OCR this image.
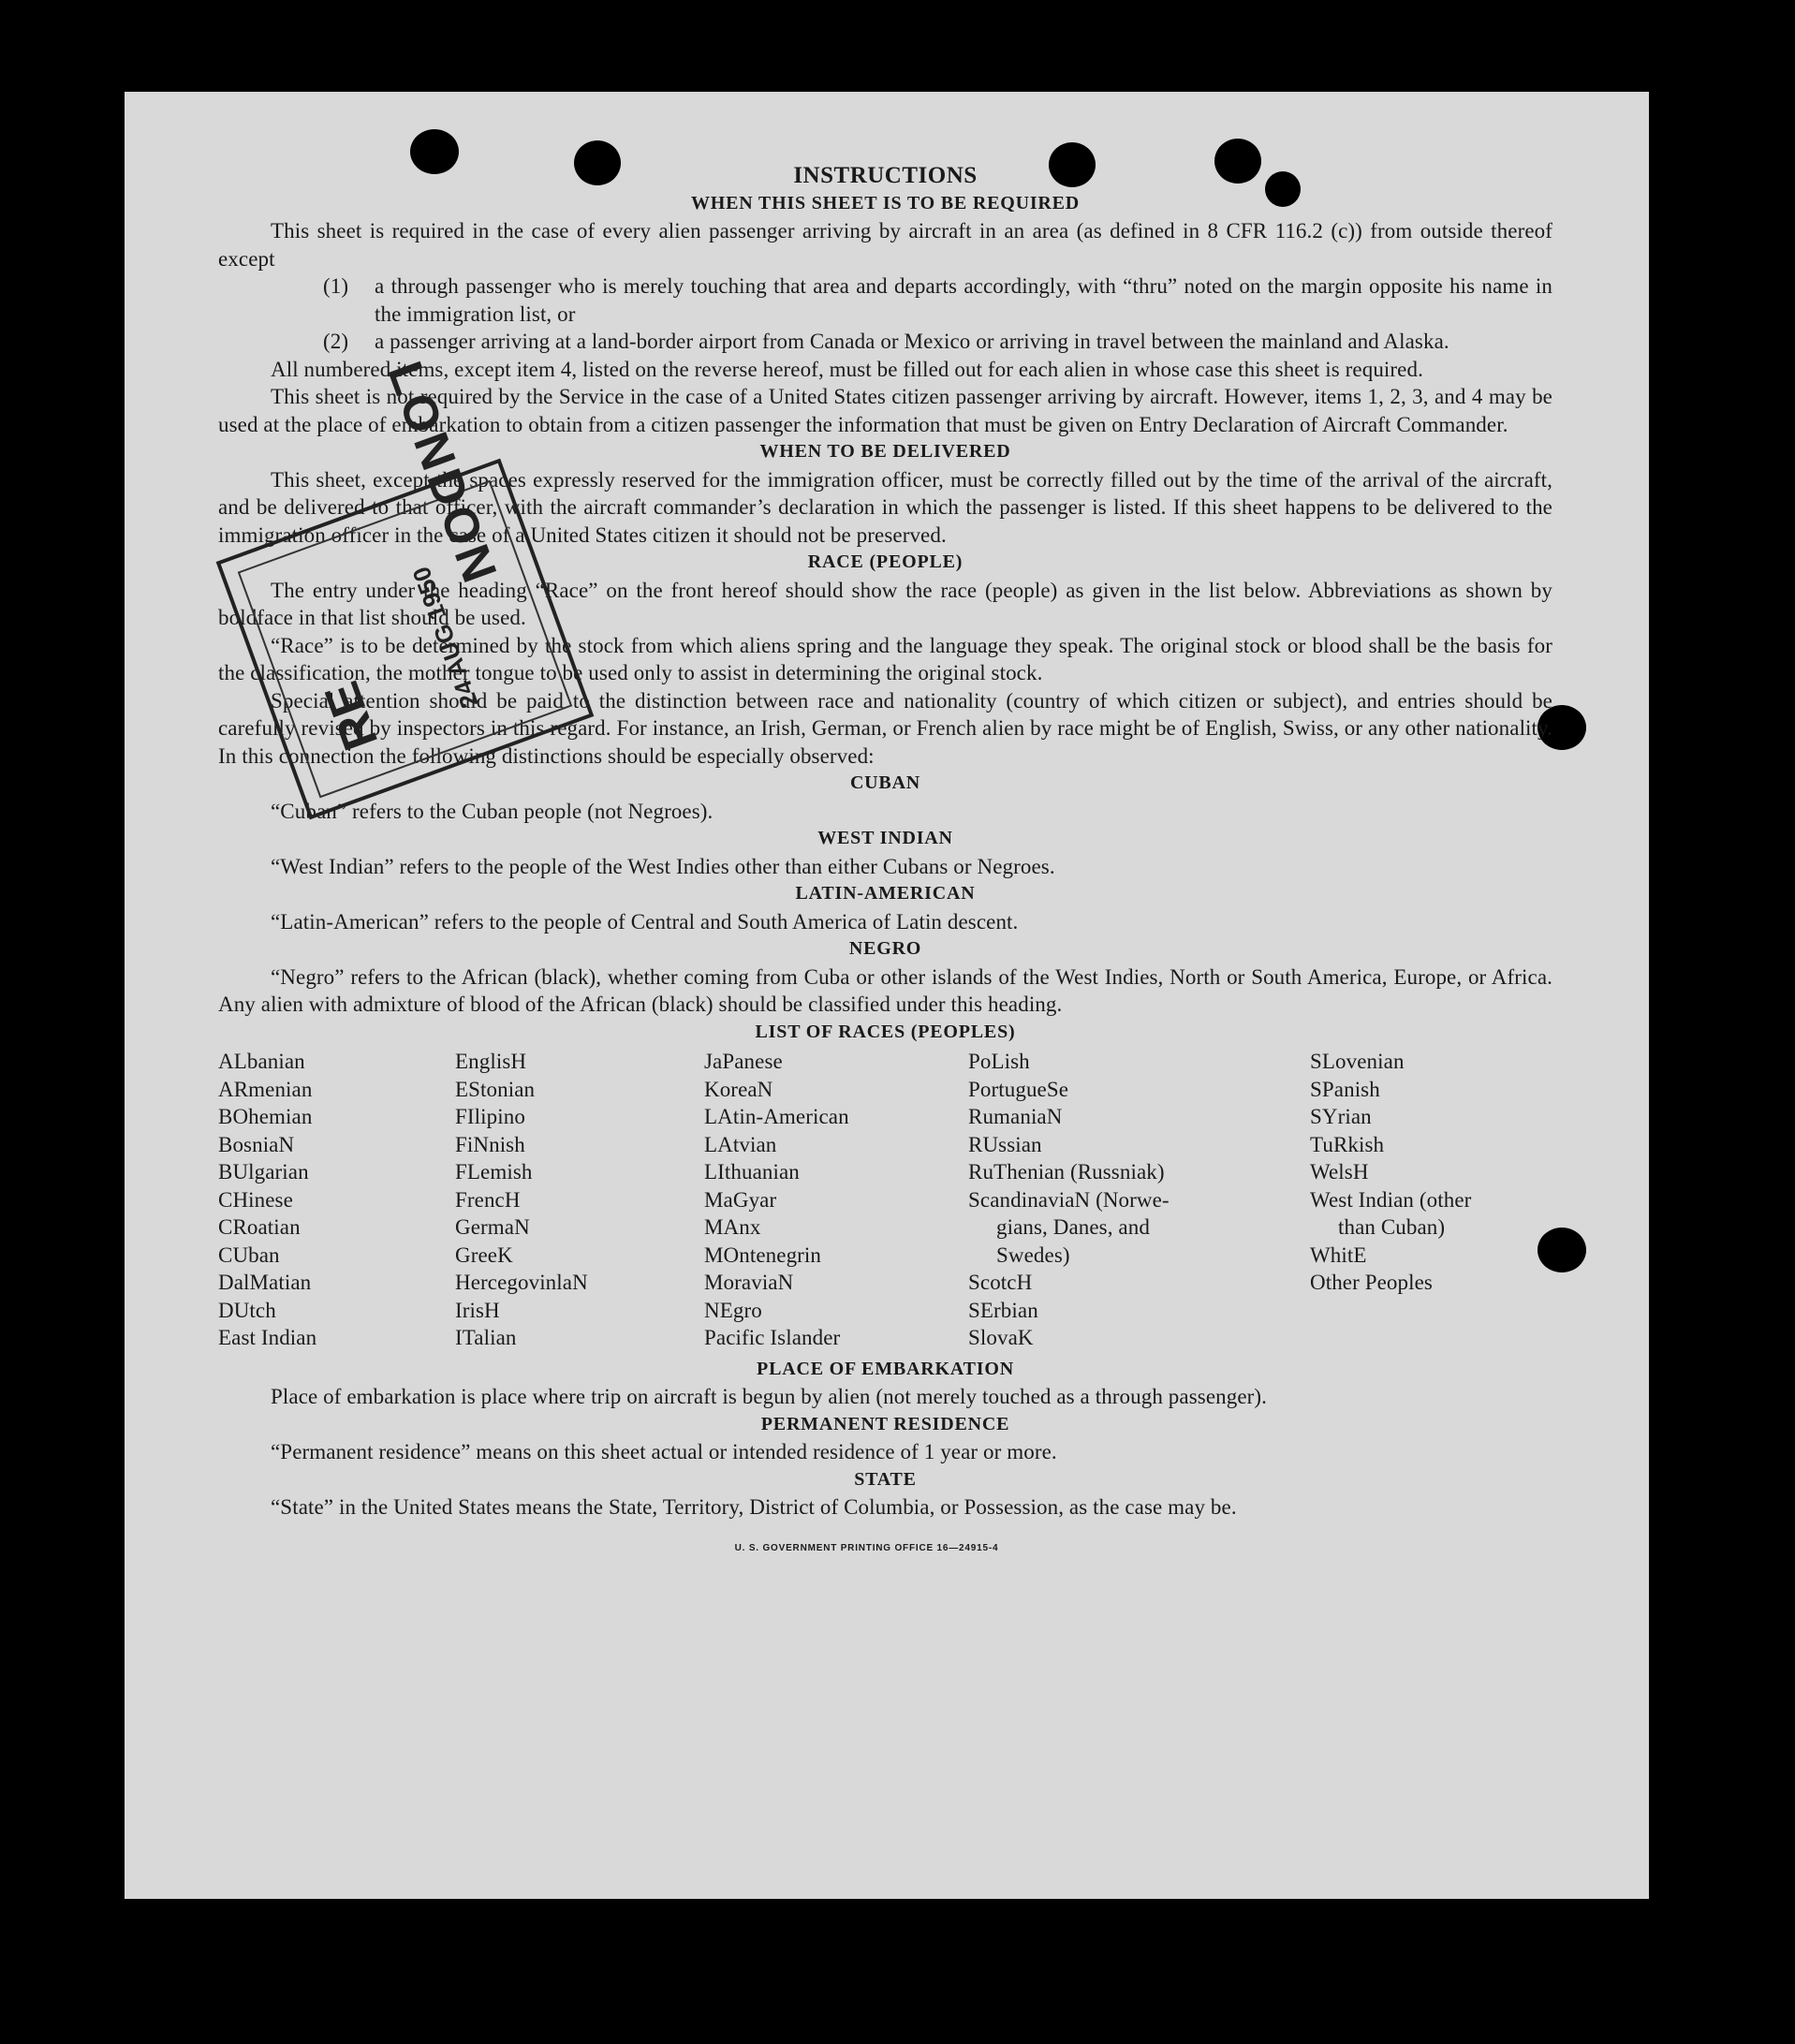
INSTRUCTIONS
WHEN THIS SHEET IS TO BE REQUIRED

This sheet is required in the case of every alien passenger arriving by aircraft in an area (as defined in 8 CFR 116.2 (c)) from outside thereof except

(1)	a through passenger who is merely touching that area and departs accordingly, with “thru” noted on the margin opposite his name in the immigration list, or
(2)	a passenger arriving at a land-border airport from Canada or Mexico or arriving in travel between the mainland and Alaska.

All numbered items, except item 4, listed on the reverse hereof, must be filled out for each alien in whose case this sheet is required.

This sheet is not required by the Service in the case of a United States citizen passenger arriving by aircraft. However, items 1, 2, 3, and 4 may be used at the place of embarkation to obtain from a citizen passenger the information that must be given on Entry Declaration of Aircraft Commander.

WHEN TO BE DELIVERED

This sheet, except the spaces expressly reserved for the immigration officer, must be correctly filled out by the time of the arrival of the aircraft, and be delivered to that officer, with the aircraft commander’s declaration in which the passenger is listed. If this sheet happens to be delivered to the immigration officer in the case of a United States citizen it should not be preserved.

RACE (PEOPLE)

The entry under the heading “Race” on the front hereof should show the race (people) as given in the list below. Abbreviations as shown by boldface in that list should be used.

“Race” is to be determined by the stock from which aliens spring and the language they speak. The original stock or blood shall be the basis for the classification, the mother tongue to be used only to assist in determining the original stock.

Special attention should be paid to the distinction between race and nationality (country of which citizen or subject), and entries should be carefully revised by inspectors in this regard. For instance, an Irish, German, or French alien by race might be of English, Swiss, or any other nationality. In this connection the following distinctions should be especially observed:

CUBAN

“Cuban” refers to the Cuban people (not Negroes).

WEST INDIAN

“West Indian” refers to the people of the West Indies other than either Cubans or Negroes.

LATIN-AMERICAN

“Latin-American” refers to the people of Central and South America of Latin descent.

NEGRO

“Negro” refers to the African (black), whether coming from Cuba or other islands of the West Indies, North or South America, Europe, or Africa. Any alien with admixture of blood of the African (black) should be classified under this heading.

LIST OF RACES (PEOPLES)
ALbanian
ARmenian
BOhemian
BosniaN
BUlgarian
CHinese
CRoatian
CUban
DalMatian
DUtch
East Indian
EnglisH
EStonian
FIlipino
FiNnish
FLemish
FrencH
GermaN
GreeK
HercegovinlaN
IrisH
ITalian
JaPanese
KoreaN
LAtin-American
LAtvian
LIthuanian
MaGyar
MAnx
MOntenegrin
MoraviaN
NEgro
Pacific Islander
PoLish
PortugueSe
RumaniaN
RUssian
RuThenian (Russniak)
ScandinaviaN (Norwe-
gians, Danes, and
Swedes)
ScotcH
SErbian
SlovaK
SLovenian
SPanish
SYrian
TuRkish
WelsH
West Indian (other
than Cuban)
WhitE
Other Peoples
PLACE OF EMBARKATION

Place of embarkation is place where trip on aircraft is begun by alien (not merely touched as a through passenger).

PERMANENT RESIDENCE

“Permanent residence” means on this sheet actual or intended residence of 1 year or more.

STATE

“State” in the United States means the State, Territory, District of Columbia, or Possession, as the case may be.

U. S. GOVERNMENT PRINTING OFFICE 16—24915-4
LONDON
24 AUG 1950
RE
